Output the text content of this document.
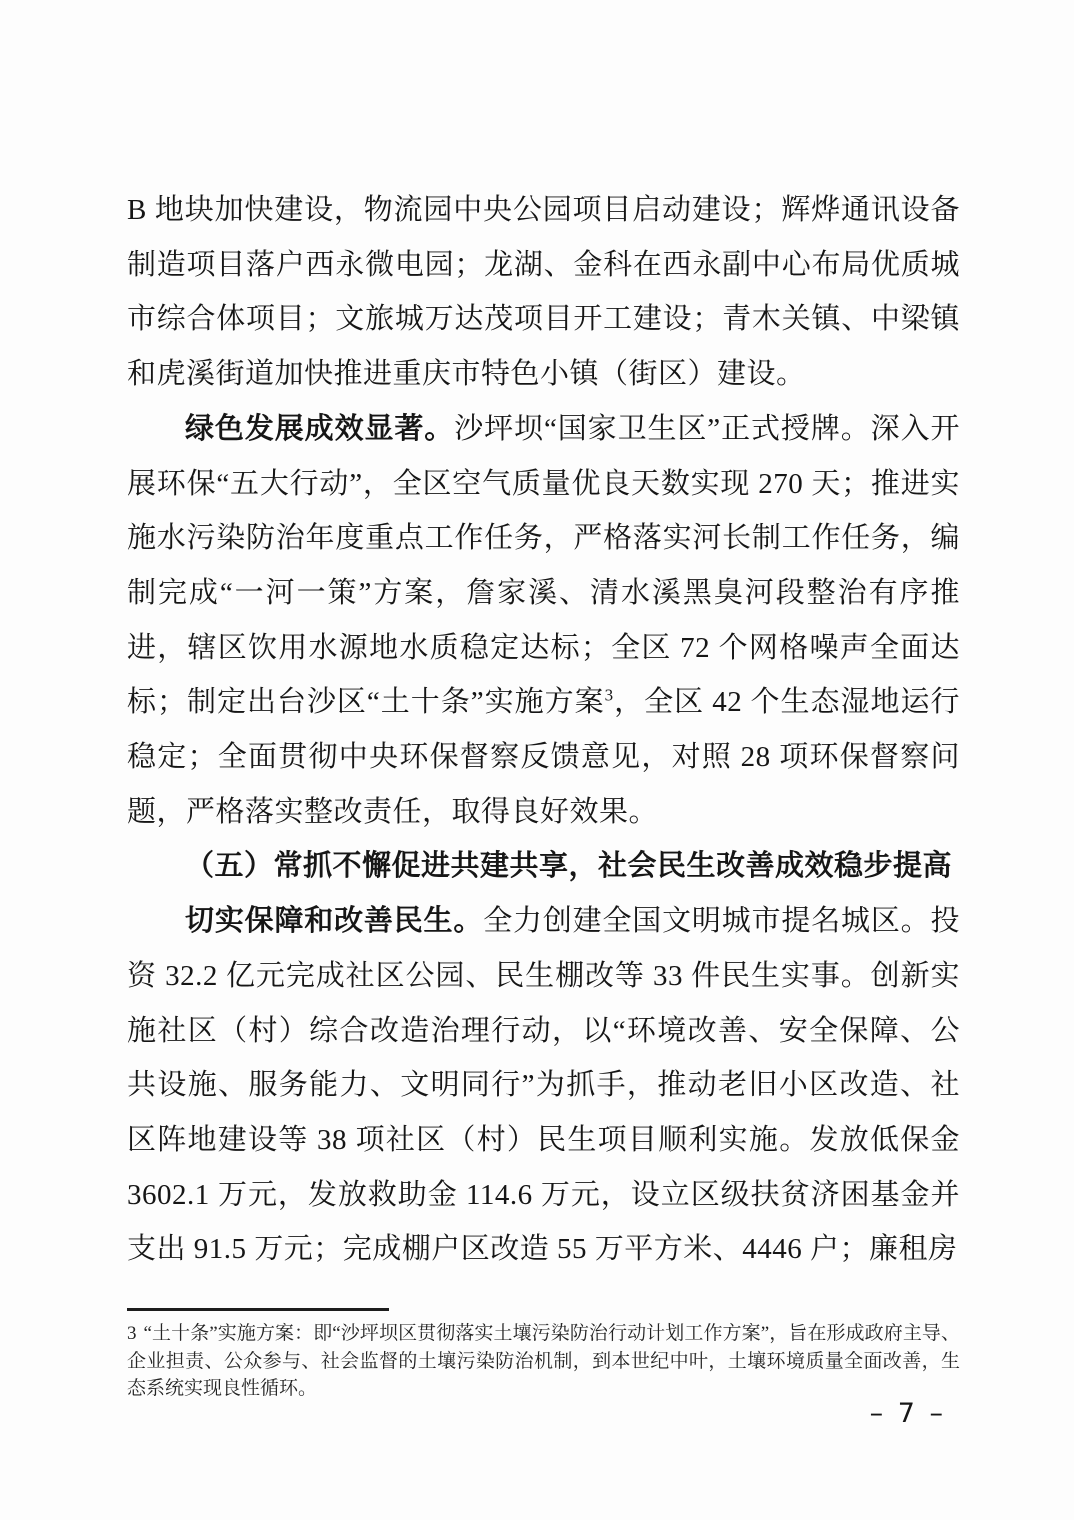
B 地块加快建设，物流园中央公园项目启动建设；辉烨通讯设备制造项目落户西永微电园；龙湖、金科在西永副中心布局优质城市综合体项目；文旅城万达茂项目开工建设；青木关镇、中梁镇和虎溪街道加快推进重庆市特色小镇（街区）建设。

绿色发展成效显著。沙坪坝“国家卫生区”正式授牌。深入开展环保“五大行动”，全区空气质量优良天数实现 270 天；推进实施水污染防治年度重点工作任务，严格落实河长制工作任务，编制完成“一河一策”方案，詹家溪、清水溪黑臭河段整治有序推进，辖区饮用水源地水质稳定达标；全区 72 个网格噪声全面达标；制定出台沙区“土十条”实施方案$^3$，全区 42 个生态湿地运行稳定；全面贯彻中央环保督察反馈意见，对照 28 项环保督察问题，严格落实整改责任，取得良好效果。

（五）常抓不懈促进共建共享，社会民生改善成效稳步提高

切实保障和改善民生。全力创建全国文明城市提名城区。投资 32.2 亿元完成社区公园、民生棚改等 33 件民生实事。创新实施社区（村）综合改造治理行动，以“环境改善、安全保障、公共设施、服务能力、文明同行”为抓手，推动老旧小区改造、社区阵地建设等 38 项社区（村）民生项目顺利实施。发放低保金 3602.1 万元，发放救助金 114.6 万元，设立区级扶贫济困基金并支出 91.5 万元；完成棚户区改造 55 万平方米、4446 户；廉租房

3 “土十条”实施方案：即“沙坪坝区贯彻落实土壤污染防治行动计划工作方案”，旨在形成政府主导、企业担责、公众参与、社会监督的土壤污染防治机制，到本世纪中叶，土壤环境质量全面改善，生态系统实现良性循环。

– 7 –
